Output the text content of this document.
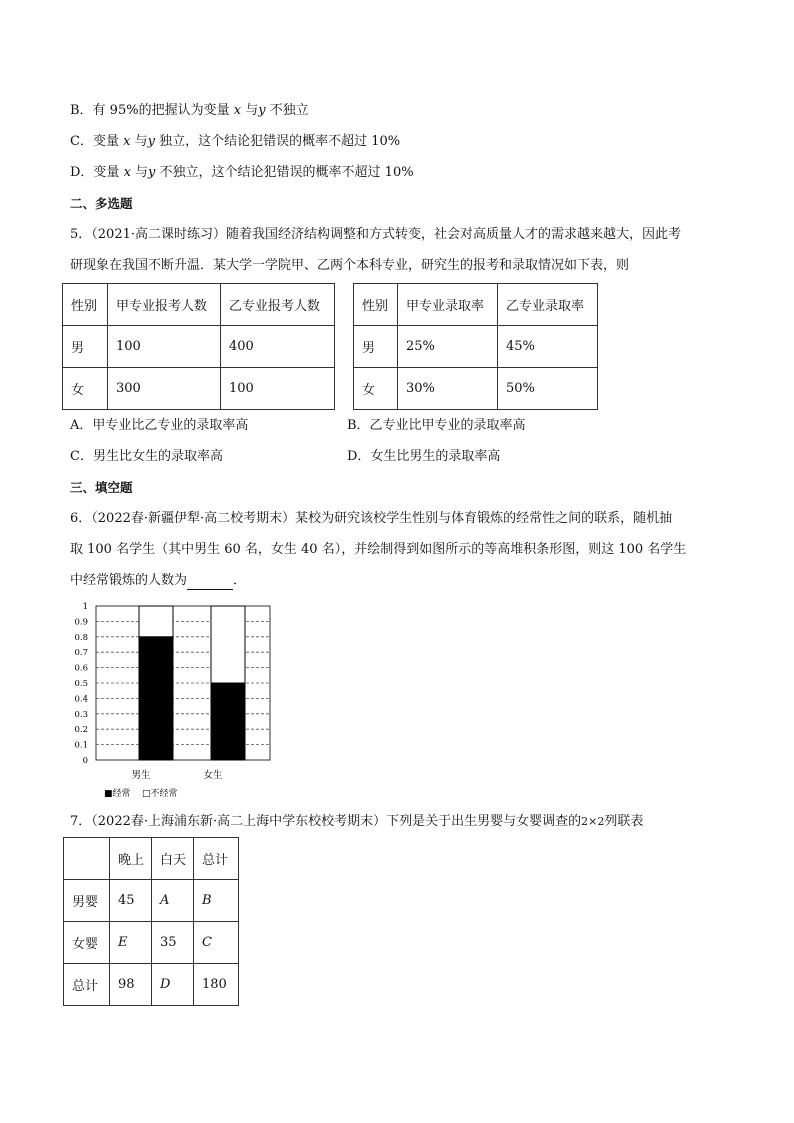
B．有 95%的把握认为变量 x 与y 不独立
C．变量 x 与y 独立，这个结论犯错误的概率不超过 10%
D．变量 x 与y 不独立，这个结论犯错误的概率不超过 10%
二、多选题
5．（2021·高二课时练习）随着我国经济结构调整和方式转变，社会对高质量人才的需求越来越大，因此考
研现象在我国不断升温．某大学一学院甲、乙两个本科专业，研究生的报考和录取情况如下表，则
性别	甲专业报考人数	乙专业报考人数
男	100	400
女	300	100
性别	甲专业录取率	乙专业录取率
男	25%	45%
女	30%	50%
A．甲专业比乙专业的录取率高	B．乙专业比甲专业的录取率高
C．男生比女生的录取率高	D．女生比男生的录取率高
三、填空题
6．（2022春·新疆伊犁·高二校考期末）某校为研究该校学生性别与体育锻炼的经常性之间的联系，随机抽
取 100 名学生（其中男生 60 名，女生 40 名），并绘制得到如图所示的等高堆积条形图，则这 100 名学生
中经常锻炼的人数为	．
0
0.1
0.2
0.3
0.4
0.5
0.6
0.7
0.8
0.9
1
男生	女生
■经常 □不经常
7．（2022春·上海浦东新·高二上海中学东校校考期末）下列是关于出生男婴与女婴调查的2×2列联表
	晚上	白天	总计
男婴	45	A	B
女婴	E	35	C
总计	98	D	180
